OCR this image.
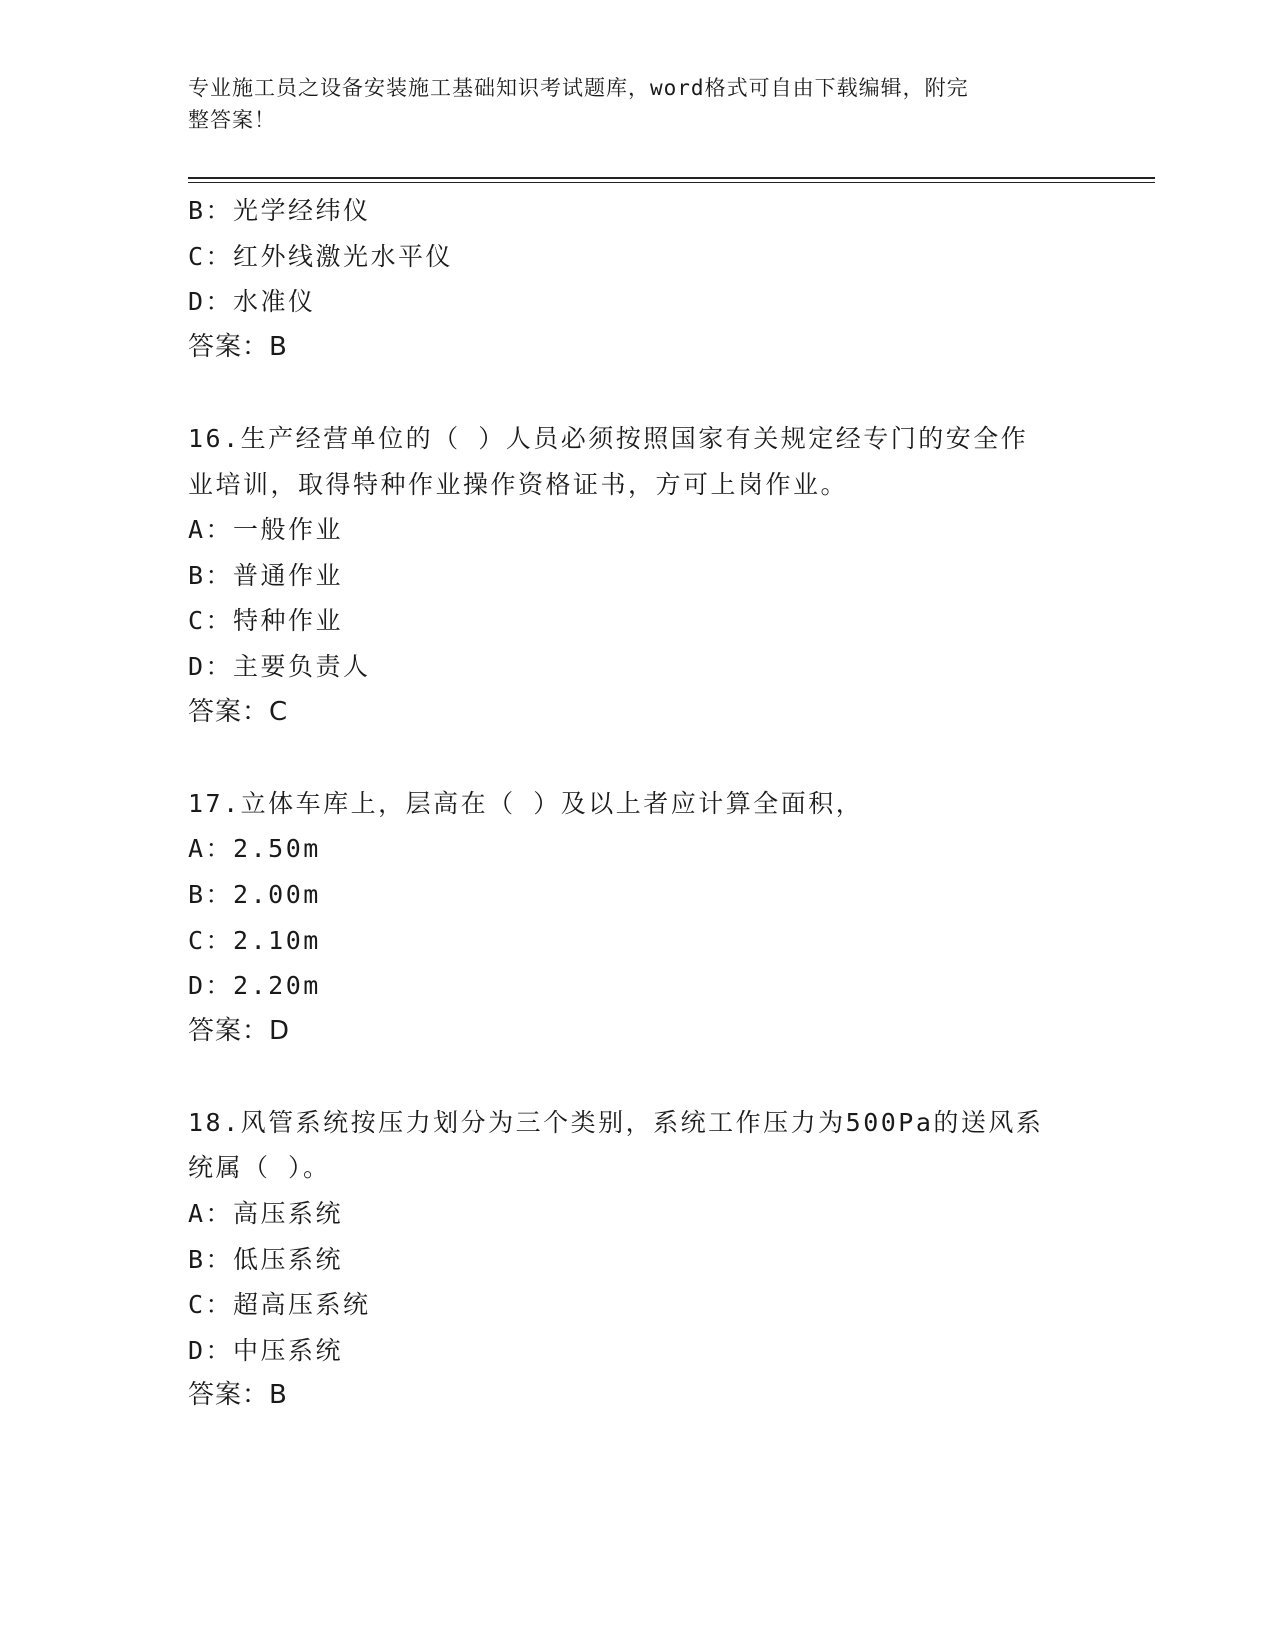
专业施工员之设备安装施工基础知识考试题库，word格式可自由下载编辑，附完
整答案！
B：光学经纬仪
C：红外线激光水平仪
D：水准仪
答案：B
16.生产经营单位的（ ）人员必须按照国家有关规定经专门的安全作
业培训，取得特种作业操作资格证书，方可上岗作业。
A：一般作业
B：普通作业
C：特种作业
D：主要负责人
答案：C
17.立体车库上，层高在（ ）及以上者应计算全面积，
A：2.50m
B：2.00m
C：2.10m
D：2.20m
答案：D
18.风管系统按压力划分为三个类别，系统工作压力为500Pa的送风系
统属（ ）。
A：高压系统
B：低压系统
C：超高压系统
D：中压系统
答案：B
